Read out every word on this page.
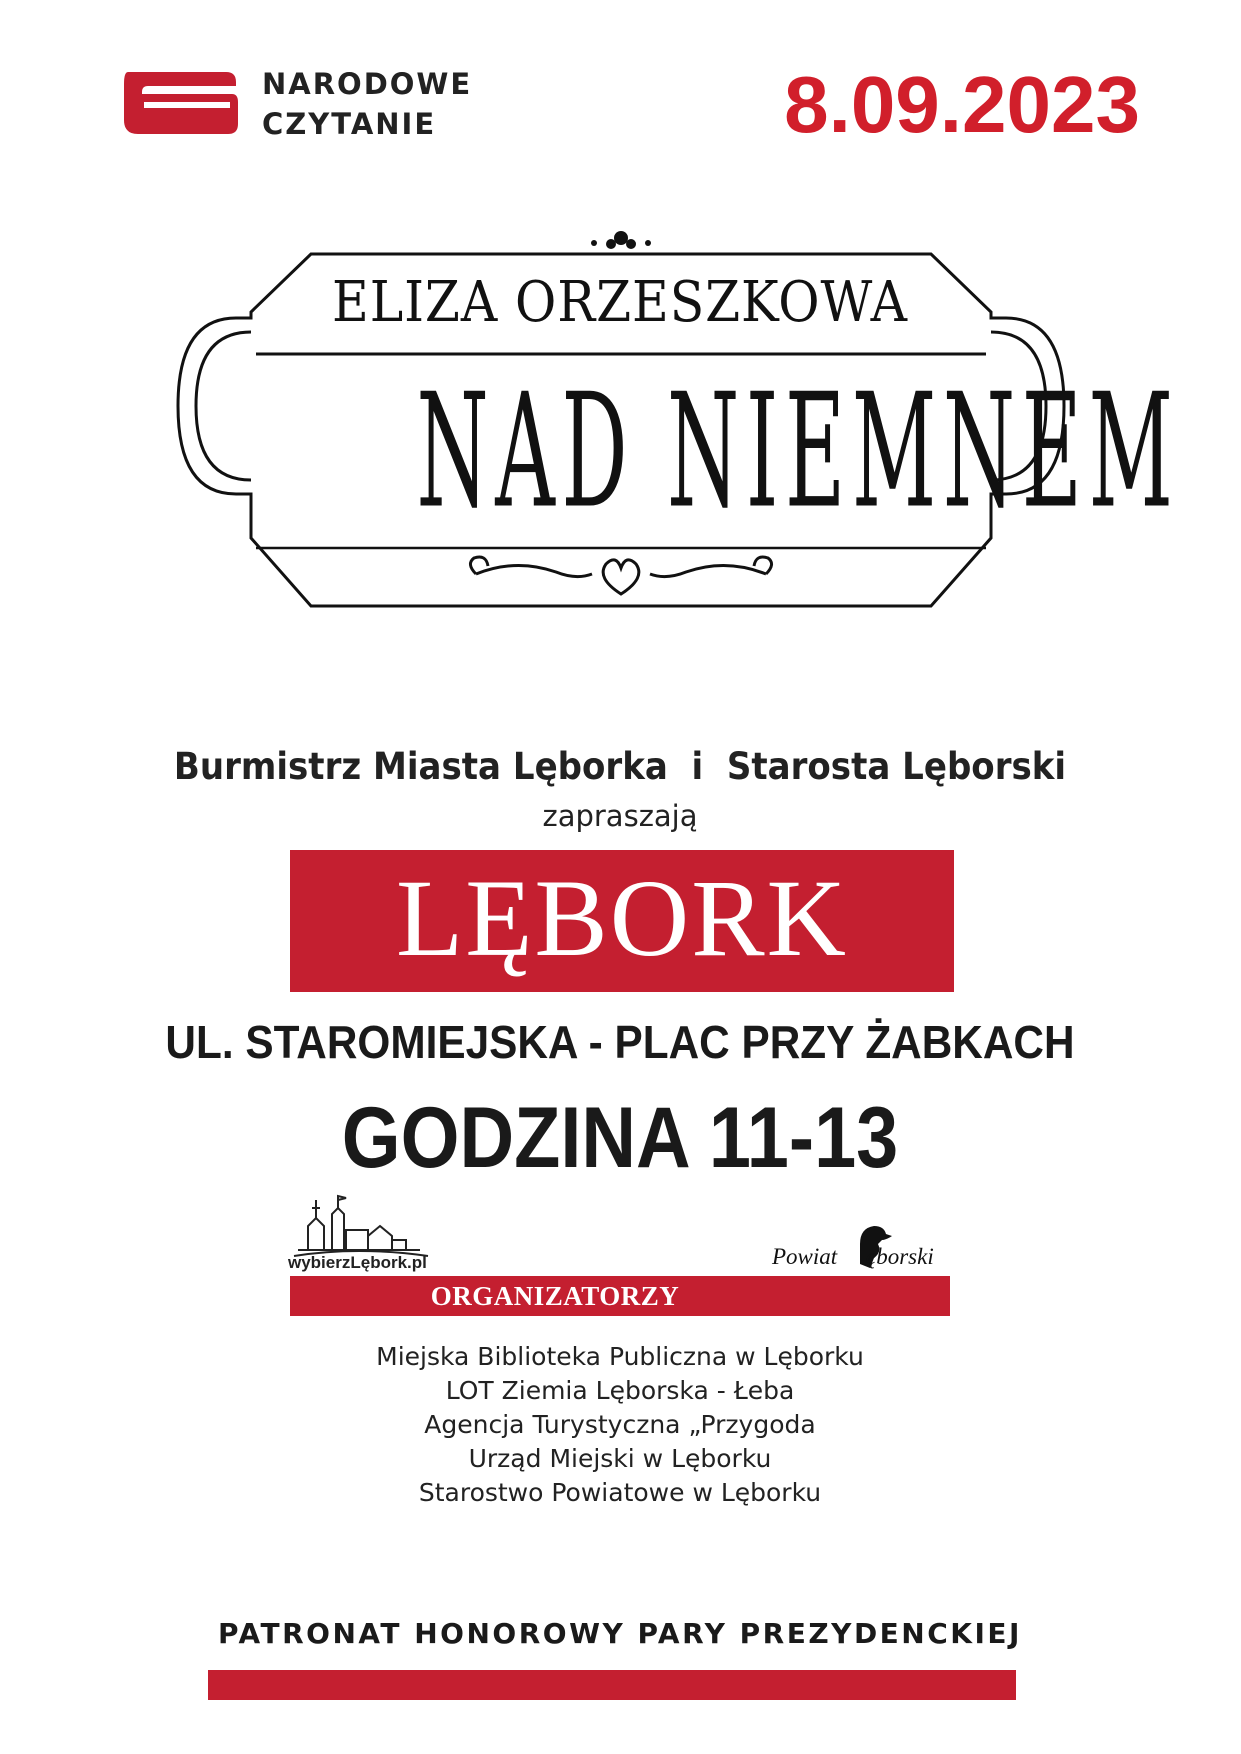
NARODOWE
CZYTANIE	8.09.2023
ELIZA ORZESZKOWA
NAD NIEMNEM
Burmistrz Miasta Lęborka  i  Starosta Lęborski
zapraszają
LĘBORK
UL. STAROMIEJSKA - PLAC PRZY ŻABKACH
GODZINA 11-13
wybierzLębork.pl	Powiat ęborski
ORGANIZATORZY
Miejska Biblioteka Publiczna w Lęborku
LOT Ziemia Lęborska - Łeba
Agencja Turystyczna „Przygoda
Urząd Miejski w Lęborku
Starostwo Powiatowe w Lęborku
PATRONAT HONOROWY PARY PREZYDENCKIEJ
